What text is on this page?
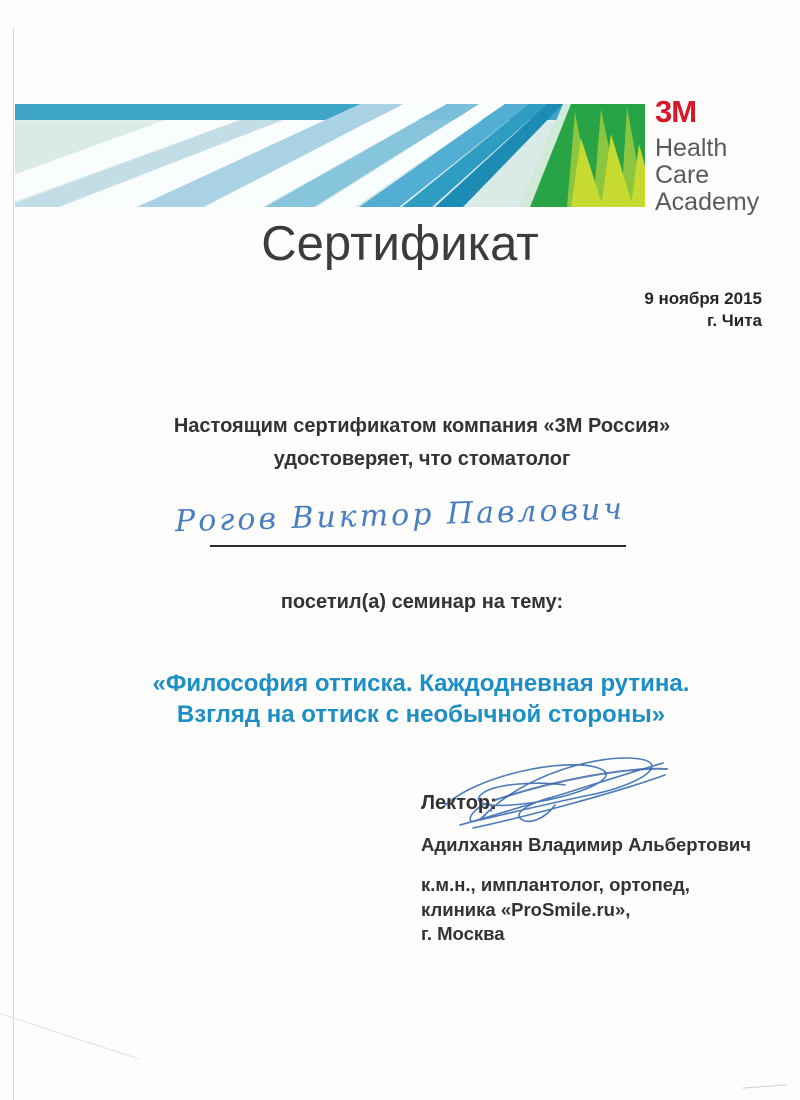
3M
Health
Care
Academy
Сертификат
9 ноября 2015
г. Чита
Настоящим сертификатом компания «3М Россия»
удостоверяет, что стоматолог
Рогов Виктор Павлович
посетил(а) семинар на тему:
«Философия оттиска. Каждодневная рутина.
Взгляд на оттиск с необычной стороны»
Лектор:
Адилханян Владимир Альбертович
к.м.н., имплантолог, ортопед,
клиника «ProSmile.ru»,
г. Москва
